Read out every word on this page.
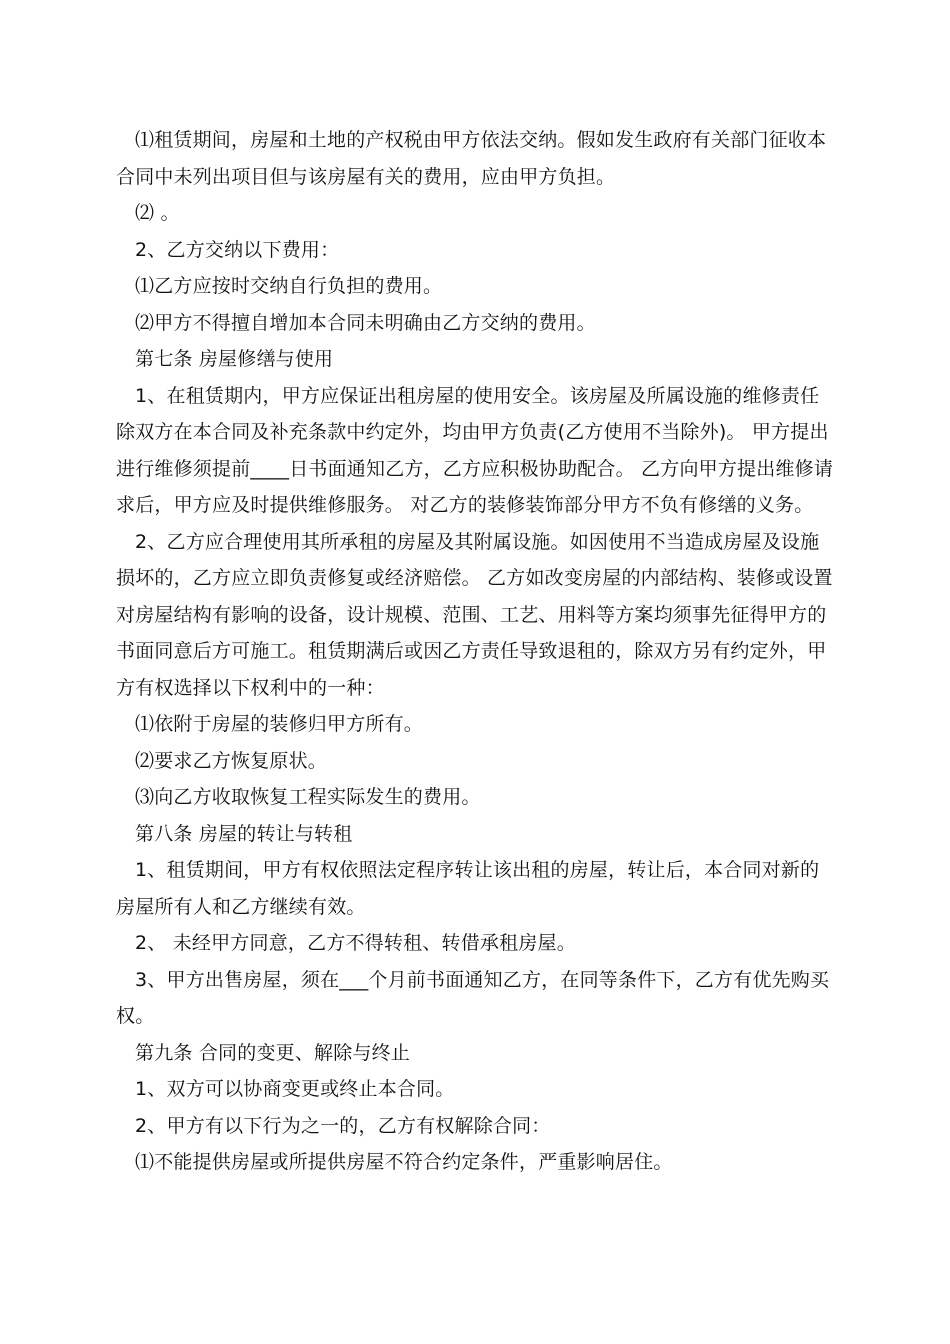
⑴租赁期间，房屋和土地的产权税由甲方依法交纳。假如发生政府有关部门征收本合同中未列出项目但与该房屋有关的费用，应由甲方负担。

⑵ 。

2、乙方交纳以下费用：

⑴乙方应按时交纳自行负担的费用。

⑵甲方不得擅自增加本合同未明确由乙方交纳的费用。

第七条 房屋修缮与使用

1、在租赁期内，甲方应保证出租房屋的使用安全。该房屋及所属设施的维修责任除双方在本合同及补充条款中约定外，均由甲方负责(乙方使用不当除外)。 甲方提出进行维修须提前____日书面通知乙方，乙方应积极协助配合。 乙方向甲方提出维修请求后，甲方应及时提供维修服务。 对乙方的装修装饰部分甲方不负有修缮的义务。

2、乙方应合理使用其所承租的房屋及其附属设施。如因使用不当造成房屋及设施损坏的，乙方应立即负责修复或经济赔偿。 乙方如改变房屋的内部结构、装修或设置对房屋结构有影响的设备，设计规模、范围、工艺、用料等方案均须事先征得甲方的书面同意后方可施工。租赁期满后或因乙方责任导致退租的，除双方另有约定外，甲方有权选择以下权利中的一种：

⑴依附于房屋的装修归甲方所有。

⑵要求乙方恢复原状。

⑶向乙方收取恢复工程实际发生的费用。

第八条 房屋的转让与转租

1、租赁期间，甲方有权依照法定程序转让该出租的房屋，转让后，本合同对新的房屋所有人和乙方继续有效。

2、 未经甲方同意，乙方不得转租、转借承租房屋。

3、甲方出售房屋，须在___个月前书面通知乙方，在同等条件下，乙方有优先购买权。

第九条 合同的变更、解除与终止

1、双方可以协商变更或终止本合同。

2、甲方有以下行为之一的，乙方有权解除合同：

⑴不能提供房屋或所提供房屋不符合约定条件，严重影响居住。
